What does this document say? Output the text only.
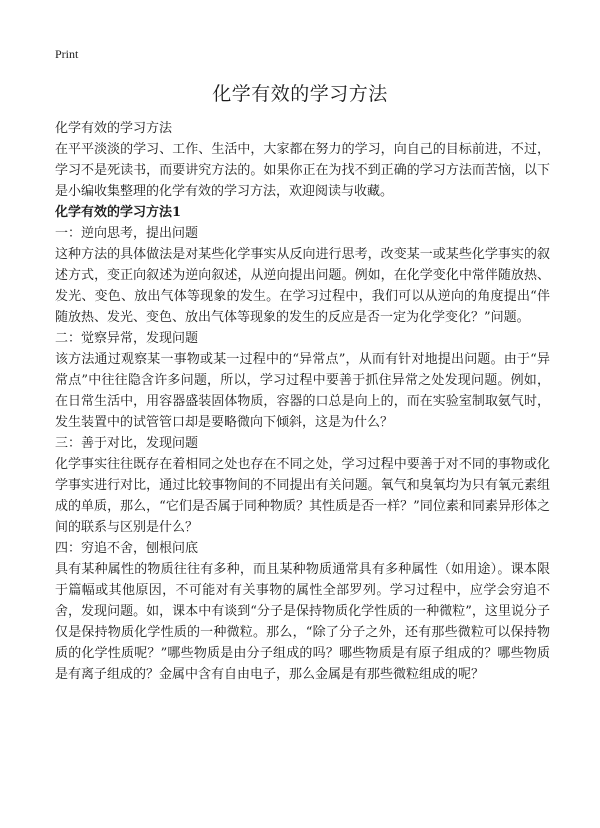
Print
化学有效的学习方法

化学有效的学习方法

在平平淡淡的学习、工作、生活中，大家都在努力的学习，向自己的目标前进，不过，学习不是死读书，而要讲究方法的。如果你正在为找不到正确的学习方法而苦恼，以下是小编收集整理的化学有效的学习方法，欢迎阅读与收藏。

化学有效的学习方法1

一：逆向思考，提出问题

这种方法的具体做法是对某些化学事实从反向进行思考，改变某一或某些化学事实的叙述方式，变正向叙述为逆向叙述，从逆向提出问题。例如，在化学变化中常伴随放热、发光、变色、放出气体等现象的发生。在学习过程中，我们可以从逆向的角度提出“伴随放热、发光、变色、放出气体等现象的发生的反应是否一定为化学变化？”问题。

二：觉察异常，发现问题

该方法通过观察某一事物或某一过程中的“异常点”，从而有针对地提出问题。由于“异常点”中往往隐含许多问题，所以，学习过程中要善于抓住异常之处发现问题。例如，在日常生活中，用容器盛装固体物质，容器的口总是向上的，而在实验室制取氨气时，发生装置中的试管管口却是要略微向下倾斜，这是为什么？

三：善于对比，发现问题

化学事实往往既存在着相同之处也存在不同之处，学习过程中要善于对不同的事物或化学事实进行对比，通过比较事物间的不同提出有关问题。氧气和臭氧均为只有氧元素组成的单质，那么，“它们是否属于同种物质？其性质是否一样？”同位素和同素异形体之间的联系与区别是什么？

四：穷追不舍，刨根问底

具有某种属性的物质往往有多种，而且某种物质通常具有多种属性（如用途）。课本限于篇幅或其他原因，不可能对有关事物的属性全部罗列。学习过程中，应学会穷追不舍，发现问题。如，课本中有谈到“分子是保持物质化学性质的一种微粒”，这里说分子仅是保持物质化学性质的一种微粒。那么，“除了分子之外，还有那些微粒可以保持物质的化学性质呢？”哪些物质是由分子组成的吗？哪些物质是有原子组成的？哪些物质是有离子组成的？金属中含有自由电子，那么金属是有那些微粒组成的呢？
